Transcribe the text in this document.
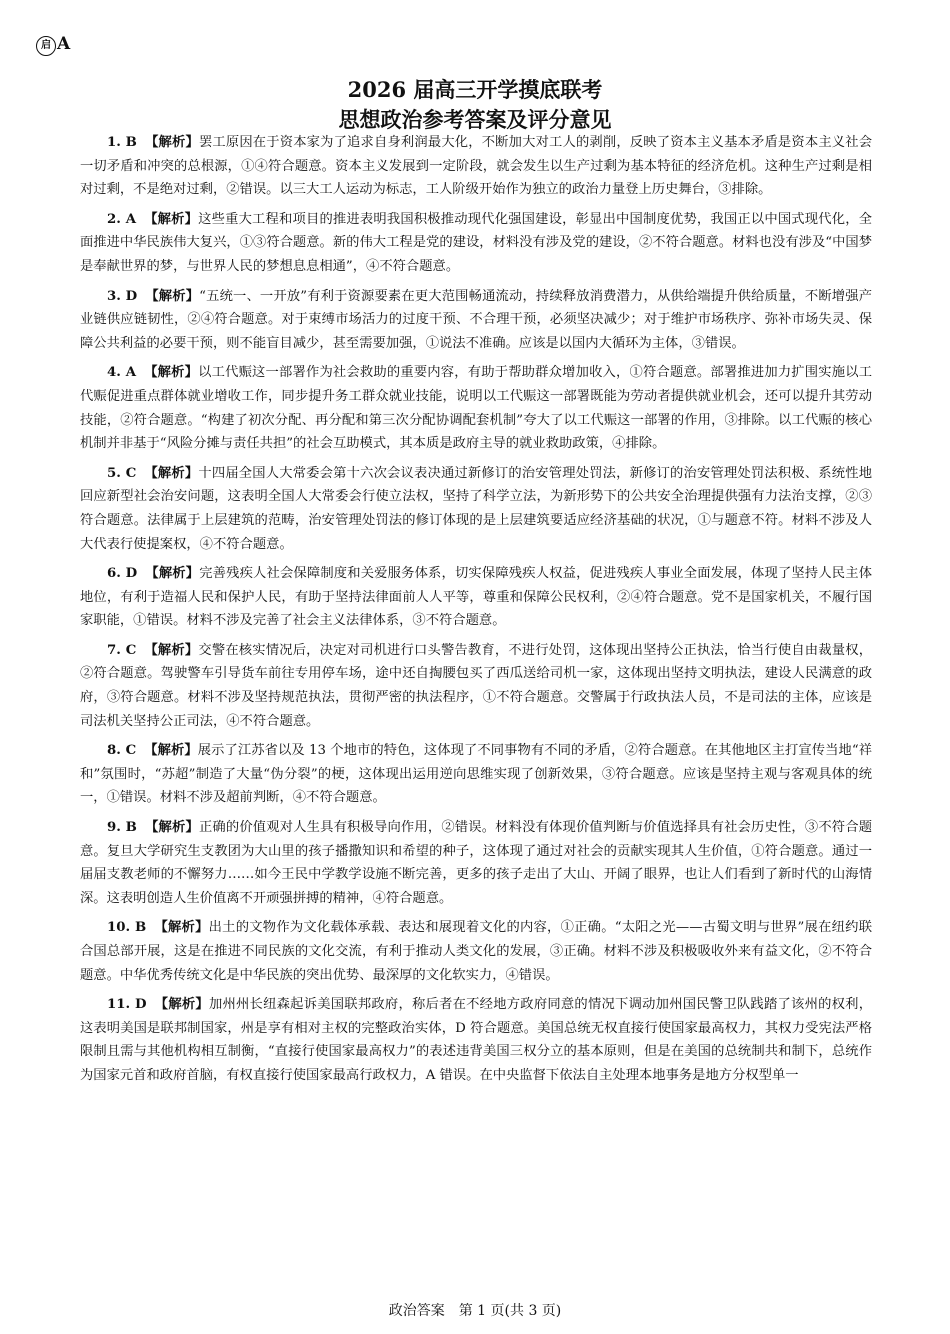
启 A
2026 届高三开学摸底联考
思想政治参考答案及评分意见

1. B 【解析】罢工原因在于资本家为了追求自身利润最大化，不断加大对工人的剥削，反映了资本主义基本矛盾是资本主义社会一切矛盾和冲突的总根源，①④符合题意。资本主义发展到一定阶段，就会发生以生产过剩为基本特征的经济危机。这种生产过剩是相对过剩，不是绝对过剩，②错误。以三大工人运动为标志，工人阶级开始作为独立的政治力量登上历史舞台，③排除。

2. A 【解析】这些重大工程和项目的推进表明我国积极推动现代化强国建设，彰显出中国制度优势，我国正以中国式现代化，全面推进中华民族伟大复兴，①③符合题意。新的伟大工程是党的建设，材料没有涉及党的建设，②不符合题意。材料也没有涉及“中国梦是奉献世界的梦，与世界人民的梦想息息相通”，④不符合题意。

3. D 【解析】“五统一、一开放”有利于资源要素在更大范围畅通流动，持续释放消费潜力，从供给端提升供给质量，不断增强产业链供应链韧性，②④符合题意。对于束缚市场活力的过度干预、不合理干预，必须坚决减少；对于维护市场秩序、弥补市场失灵、保障公共利益的必要干预，则不能盲目减少，甚至需要加强，①说法不准确。应该是以国内大循环为主体，③错误。

4. A 【解析】以工代赈这一部署作为社会救助的重要内容，有助于帮助群众增加收入，①符合题意。部署推进加力扩围实施以工代赈促进重点群体就业增收工作，同步提升务工群众就业技能，说明以工代赈这一部署既能为劳动者提供就业机会，还可以提升其劳动技能，②符合题意。“构建了初次分配、再分配和第三次分配协调配套机制”夸大了以工代赈这一部署的作用，③排除。以工代赈的核心机制并非基于“风险分摊与责任共担”的社会互助模式，其本质是政府主导的就业救助政策，④排除。

5. C 【解析】十四届全国人大常委会第十六次会议表决通过新修订的治安管理处罚法，新修订的治安管理处罚法积极、系统性地回应新型社会治安问题，这表明全国人大常委会行使立法权，坚持了科学立法，为新形势下的公共安全治理提供强有力法治支撑，②③符合题意。法律属于上层建筑的范畴，治安管理处罚法的修订体现的是上层建筑要适应经济基础的状况，①与题意不符。材料不涉及人大代表行使提案权，④不符合题意。

6. D 【解析】完善残疾人社会保障制度和关爱服务体系，切实保障残疾人权益，促进残疾人事业全面发展，体现了坚持人民主体地位，有利于造福人民和保护人民，有助于坚持法律面前人人平等，尊重和保障公民权利，②④符合题意。党不是国家机关，不履行国家职能，①错误。材料不涉及完善了社会主义法律体系，③不符合题意。

7. C 【解析】交警在核实情况后，决定对司机进行口头警告教育，不进行处罚，这体现出坚持公正执法，恰当行使自由裁量权，②符合题意。驾驶警车引导货车前往专用停车场，途中还自掏腰包买了西瓜送给司机一家，这体现出坚持文明执法，建设人民满意的政府，③符合题意。材料不涉及坚持规范执法，贯彻严密的执法程序，①不符合题意。交警属于行政执法人员，不是司法的主体，应该是司法机关坚持公正司法，④不符合题意。

8. C 【解析】展示了江苏省以及 13 个地市的特色，这体现了不同事物有不同的矛盾，②符合题意。在其他地区主打宣传当地“祥和”氛围时，“苏超”制造了大量“伪分裂”的梗，这体现出运用逆向思维实现了创新效果，③符合题意。应该是坚持主观与客观具体的统一，①错误。材料不涉及超前判断，④不符合题意。

9. B 【解析】正确的价值观对人生具有积极导向作用，②错误。材料没有体现价值判断与价值选择具有社会历史性，③不符合题意。复旦大学研究生支教团为大山里的孩子播撒知识和希望的种子，这体现了通过对社会的贡献实现其人生价值，①符合题意。通过一届届支教老师的不懈努力……如今王民中学教学设施不断完善，更多的孩子走出了大山、开阔了眼界，也让人们看到了新时代的山海情深。这表明创造人生价值离不开顽强拼搏的精神，④符合题意。

10. B 【解析】出土的文物作为文化载体承载、表达和展现着文化的内容，①正确。“太阳之光——古蜀文明与世界”展在纽约联合国总部开展，这是在推进不同民族的文化交流，有利于推动人类文化的发展，③正确。材料不涉及积极吸收外来有益文化，②不符合题意。中华优秀传统文化是中华民族的突出优势、最深厚的文化软实力，④错误。

11. D 【解析】加州州长纽森起诉美国联邦政府，称后者在不经地方政府同意的情况下调动加州国民警卫队践踏了该州的权利，这表明美国是联邦制国家，州是享有相对主权的完整政治实体，D 符合题意。美国总统无权直接行使国家最高权力，其权力受宪法严格限制且需与其他机构相互制衡，“直接行使国家最高权力”的表述违背美国三权分立的基本原则，但是在美国的总统制共和制下，总统作为国家元首和政府首脑，有权直接行使国家最高行政权力，A 错误。在中央监督下依法自主处理本地事务是地方分权型单一

政治答案　第 1 页(共 3 页)
